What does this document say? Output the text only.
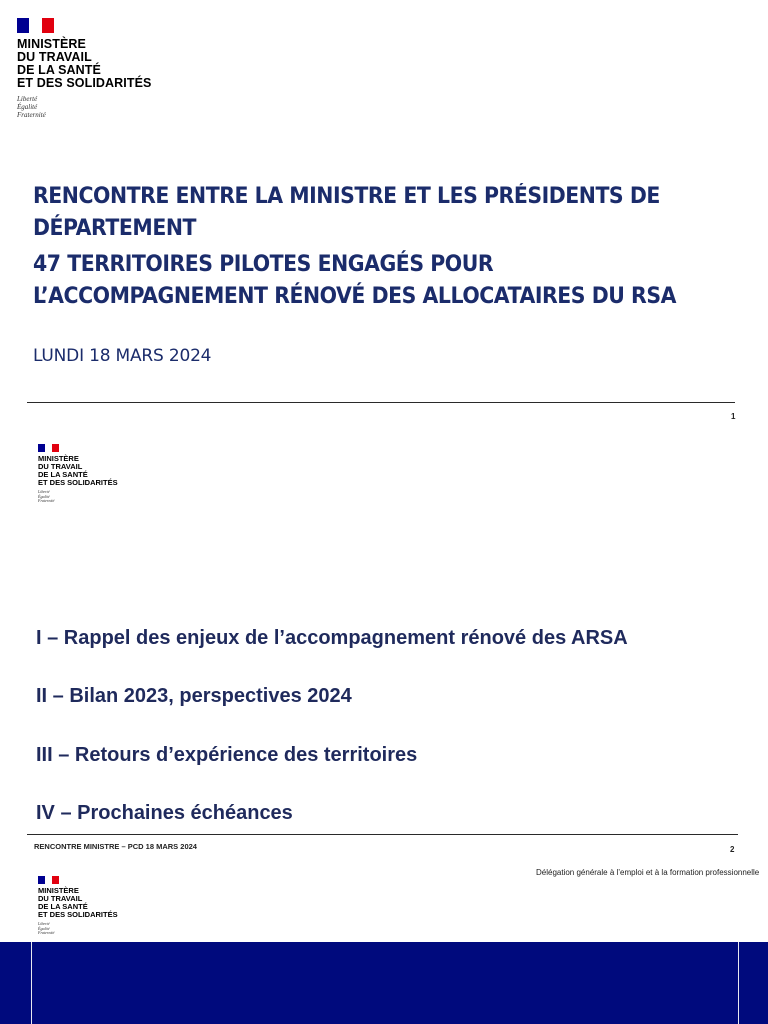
MINISTÈRE
DU TRAVAIL
DE LA SANTÉ
ET DES SOLIDARITÉS
Liberté
Égalité
Fraternité
RENCONTRE ENTRE LA MINISTRE ET LES PRÉSIDENTS DE
DÉPARTEMENT
47 TERRITOIRES PILOTES ENGAGÉS POUR
L’ACCOMPAGNEMENT RÉNOVÉ DES ALLOCATAIRES DU RSA
LUNDI 18 MARS 2024
1
MINISTÈRE
DU TRAVAIL
DE LA SANTÉ
ET DES SOLIDARITÉS
Liberté
Égalité
Fraternité
I – Rappel des enjeux de l’accompagnement rénové des ARSA
II – Bilan 2023, perspectives 2024
III – Retours d’expérience des territoires
IV – Prochaines échéances
RENCONTRE MINISTRE – PCD 18 MARS 2024	2
Délégation générale à l’emploi et à la formation professionnelle
MINISTÈRE
DU TRAVAIL
DE LA SANTÉ
ET DES SOLIDARITÉS
Liberté
Égalité
Fraternité
